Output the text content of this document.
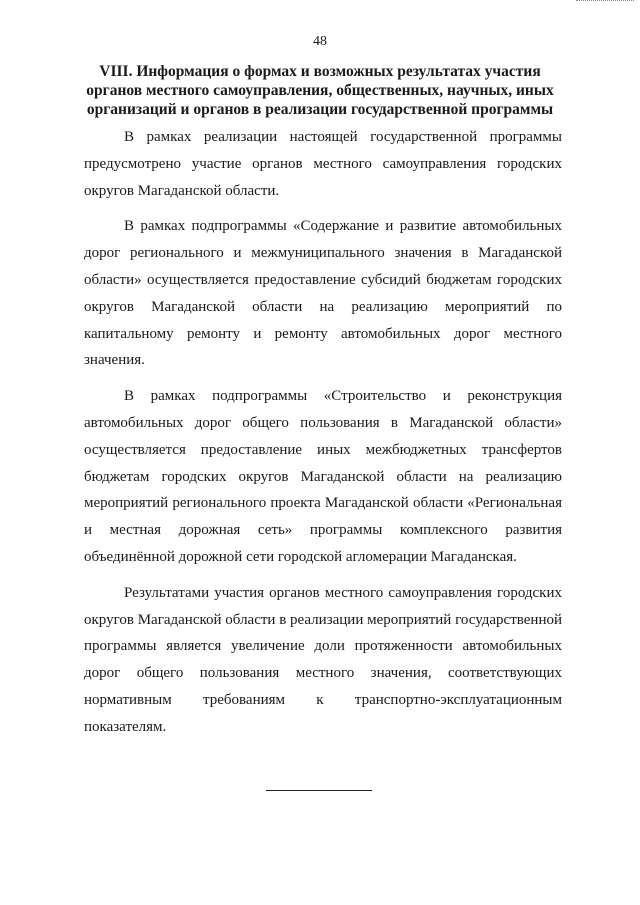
48
VIII. Информация о формах и возможных результатах участия органов местного самоуправления, общественных, научных, иных организаций и органов в реализации государственной программы

В рамках реализации настоящей государственной программы предусмотрено участие органов местного самоуправления городских округов Магаданской области.

В рамках подпрограммы «Содержание и развитие автомобильных дорог регионального и межмуниципального значения в Магаданской области» осуществляется предоставление субсидий бюджетам городских округов Магаданской области на реализацию мероприятий по капитальному ремонту и ремонту автомобильных дорог местного значения.

В рамках подпрограммы «Строительство и реконструкция автомобильных дорог общего пользования в Магаданской области» осуществляется предоставление иных межбюджетных трансфертов бюджетам городских округов Магаданской области на реализацию мероприятий регионального проекта Магаданской области «Региональная и местная дорожная сеть» программы комплексного развития объединённой дорожной сети городской агломерации Магаданская.

Результатами участия органов местного самоуправления городских округов Магаданской области в реализации мероприятий государственной программы является увеличение доли протяженности автомобильных дорог общего пользования местного значения, соответствующих нормативным требованиям к транспортно-эксплуатационным показателям.
